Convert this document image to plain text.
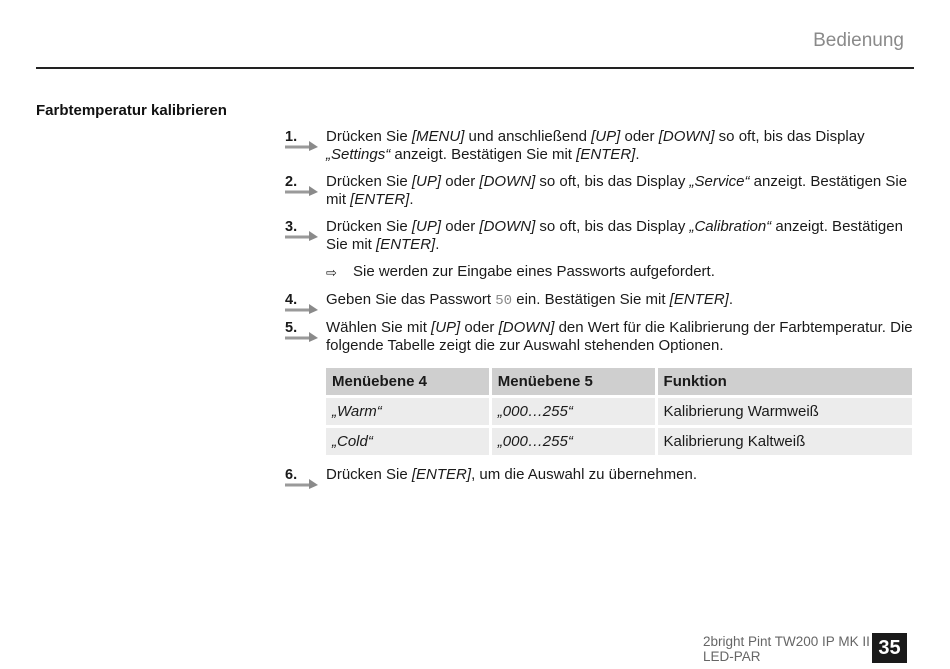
Bedienung
Farbtemperatur kalibrieren
1. Drücken Sie [MENU] und anschließend [UP] oder [DOWN] so oft, bis das Display „Settings“ anzeigt. Bestätigen Sie mit [ENTER].
2. Drücken Sie [UP] oder [DOWN] so oft, bis das Display „Service“ anzeigt. Bestätigen Sie mit [ENTER].
3. Drücken Sie [UP] oder [DOWN] so oft, bis das Display „Calibration“ anzeigt. Bestätigen Sie mit [ENTER].
⇨ Sie werden zur Eingabe eines Passworts aufgefordert.
4. Geben Sie das Passwort 50 ein. Bestätigen Sie mit [ENTER].
5. Wählen Sie mit [UP] oder [DOWN] den Wert für die Kalibrierung der Farbtemperatur. Die folgende Tabelle zeigt die zur Auswahl stehenden Optionen.
Menüebene 4	Menüebene 5	Funktion
„Warm“	„000…255“	Kalibrierung Warmweiß
„Cold“	„000…255“	Kalibrierung Kaltweiß
6. Drücken Sie [ENTER], um die Auswahl zu übernehmen.
2bright Pint TW200 IP MK II
LED-PAR	35
